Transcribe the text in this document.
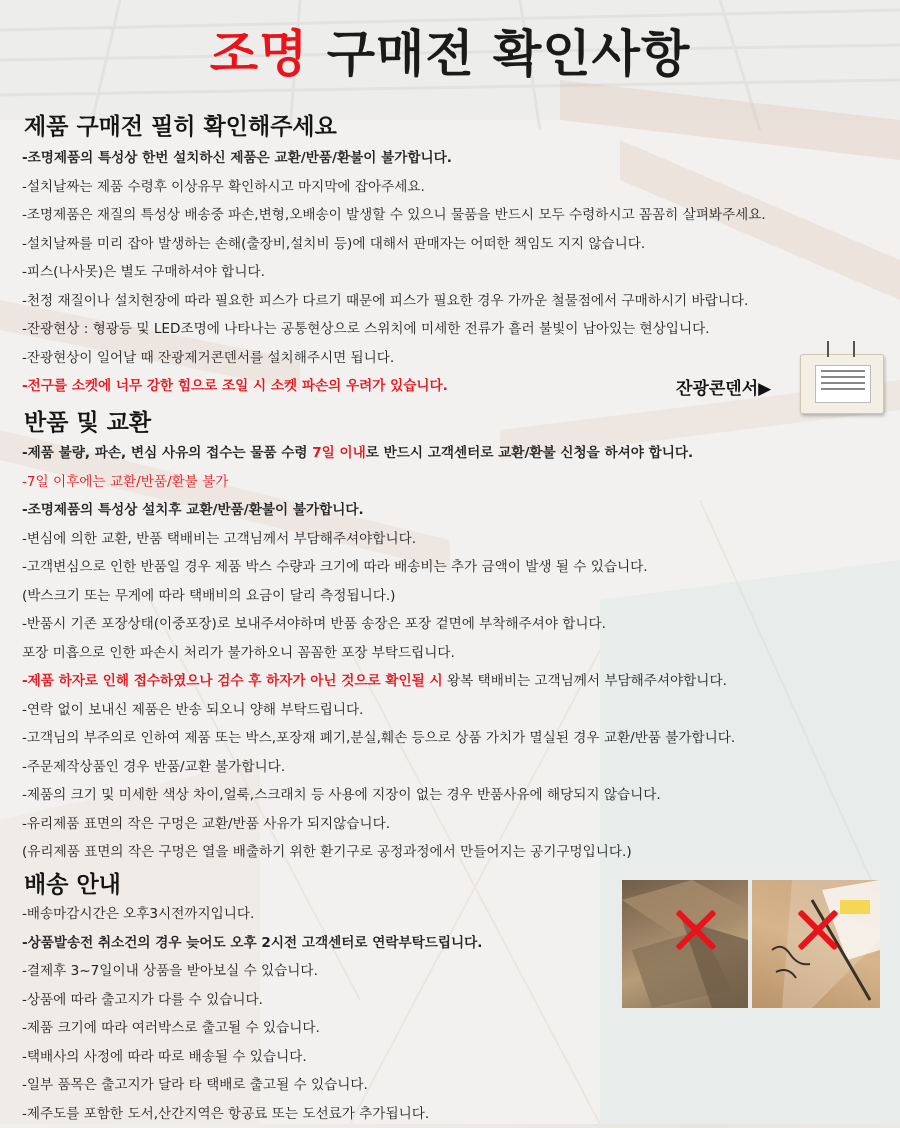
조명 구매전 확인사항
제품 구매전 필히 확인해주세요
-조명제품의 특성상 한번 설치하신 제품은 교환/반품/환불이 불가합니다.
-설치날짜는 제품 수령후 이상유무 확인하시고 마지막에 잡아주세요.
-조명제품은 재질의 특성상 배송중 파손,변형,오배송이 발생할 수 있으니 물품을 반드시 모두 수령하시고 꼼꼼히 살펴봐주세요.
-설치날짜를 미리 잡아 발생하는 손해(출장비,설치비 등)에 대해서 판매자는 어떠한 책임도 지지 않습니다.
-피스(나사못)은 별도 구매하셔야 합니다.
-천정 재질이나 설치현장에 따라 필요한 피스가 다르기 때문에 피스가 필요한 경우 가까운 철물점에서 구매하시기 바랍니다.
-잔광현상 : 형광등 및 LED조명에 나타나는 공통현상으로 스위치에 미세한 전류가 흘러 불빛이 남아있는 현상입니다.
-잔광현상이 일어날 때 잔광제거콘덴서를 설치해주시면 됩니다.
-전구를 소켓에 너무 강한 힘으로 조일 시 소켓 파손의 우려가 있습니다.	잔광콘덴서▶
반품 및 교환
-제품 불량, 파손, 변심 사유의 접수는 물품 수령 7일 이내로 반드시 고객센터로 교환/환불 신청을 하셔야 합니다.
-7일 이후에는 교환/반품/환불 불가
-조명제품의 특성상 설치후 교환/반품/환불이 불가합니다.
-변심에 의한 교환, 반품 택배비는 고객님께서 부담해주셔야합니다.
-고객변심으로 인한 반품일 경우 제품 박스 수량과 크기에 따라 배송비는 추가 금액이 발생 될 수 있습니다.
(박스크기 또는 무게에 따라 택배비의 요금이 달리 측정됩니다.)
-반품시 기존 포장상태(이중포장)로 보내주셔야하며 반품 송장은 포장 겉면에 부착해주셔야 합니다.
포장 미흡으로 인한 파손시 처리가 불가하오니 꼼꼼한 포장 부탁드립니다.
-제품 하자로 인해 접수하였으나 검수 후 하자가 아닌 것으로 확인될 시 왕복 택배비는 고객님께서 부담해주셔야합니다.
-연락 없이 보내신 제품은 반송 되오니 양해 부탁드립니다.
-고객님의 부주의로 인하여 제품 또는 박스,포장재 폐기,분실,훼손 등으로 상품 가치가 멸실된 경우 교환/반품 불가합니다.
-주문제작상품인 경우 반품/교환 불가합니다.
-제품의 크기 및 미세한 색상 차이,얼룩,스크래치 등 사용에 지장이 없는 경우 반품사유에 해당되지 않습니다.
-유리제품 표면의 작은 구멍은 교환/반품 사유가 되지않습니다.
(유리제품 표면의 작은 구멍은 열을 배출하기 위한 환기구로 공정과정에서 만들어지는 공기구멍입니다.)
배송 안내
-배송마감시간은 오후3시전까지입니다.
-상품발송전 취소건의 경우 늦어도 오후 2시전 고객센터로 연락부탁드립니다.
-결제후 3~7일이내 상품을 받아보실 수 있습니다.
-상품에 따라 출고지가 다를 수 있습니다.
-제품 크기에 따라 여러박스로 출고될 수 있습니다.
-택배사의 사정에 따라 따로 배송될 수 있습니다.
-일부 품목은 출고지가 달라 타 택배로 출고될 수 있습니다.
-제주도를 포함한 도서,산간지역은 항공료 또는 도선료가 추가됩니다.
